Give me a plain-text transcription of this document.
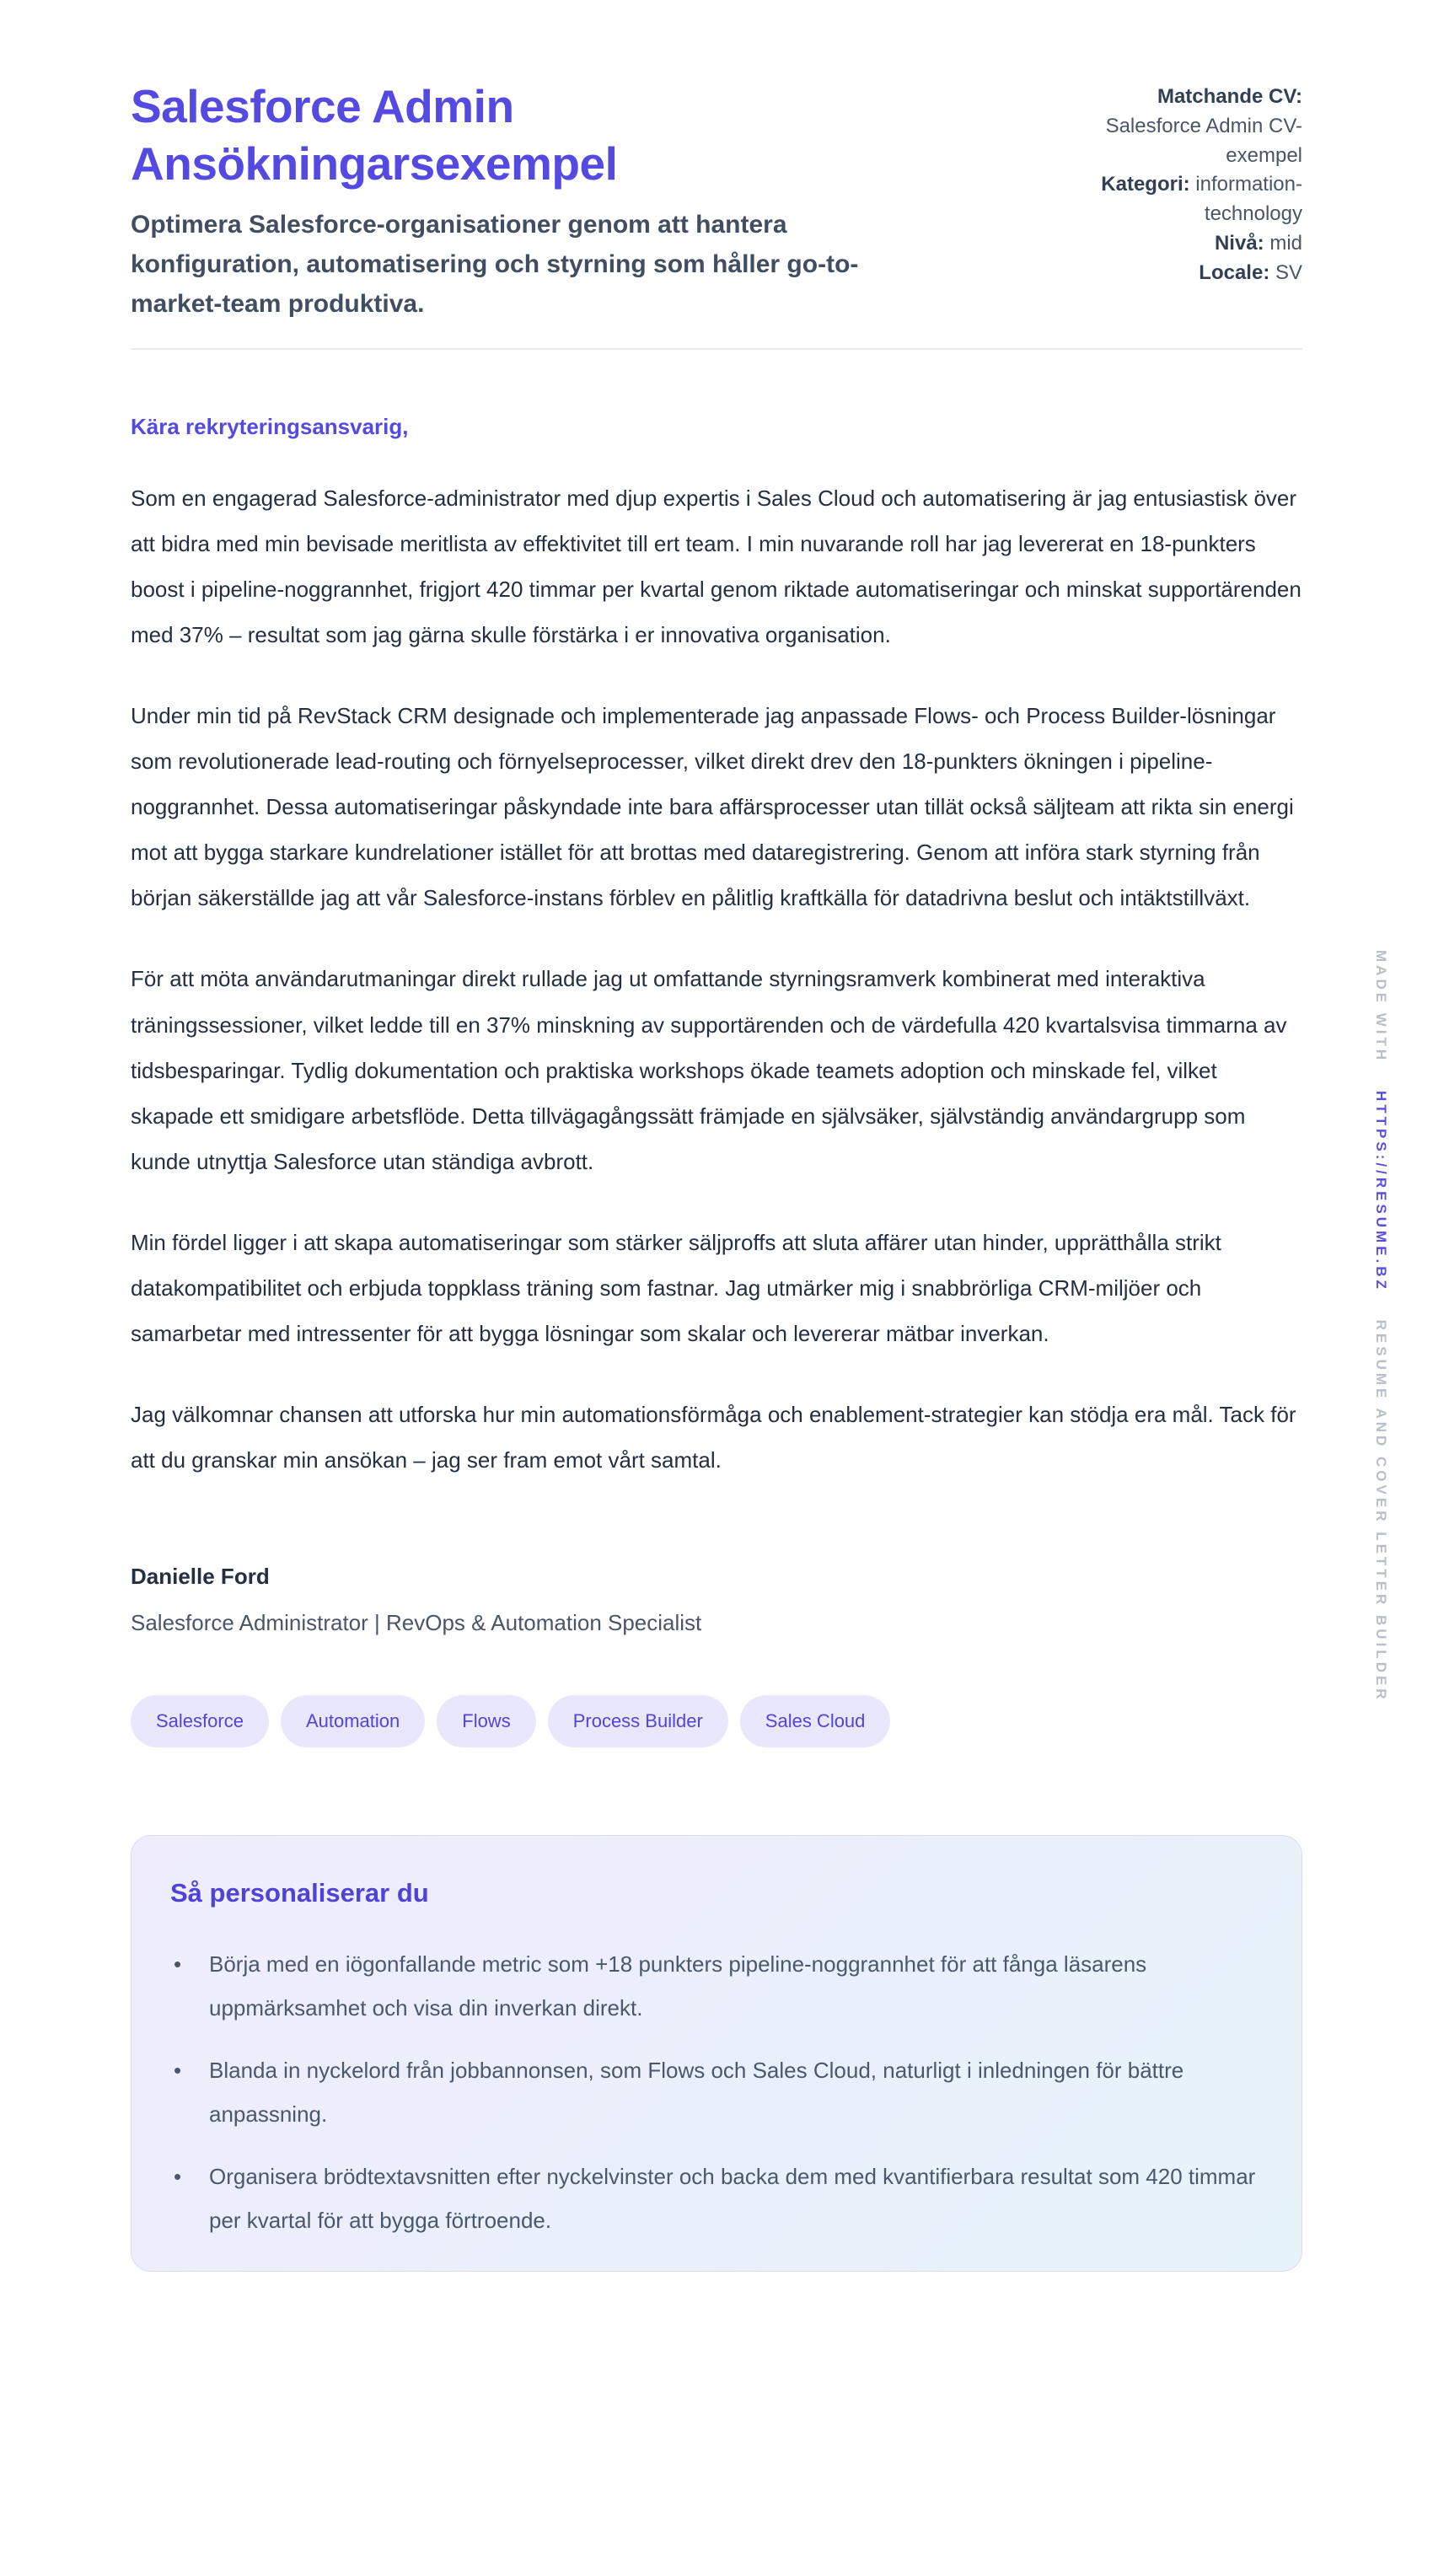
Salesforce Admin Ansökningarsexempel

Optimera Salesforce-organisationer genom att hantera konfiguration, automatisering och styrning som håller go-to-market-team produktiva.

Matchande CV: Salesforce Admin CV-exempel
Kategori: information-technology
Nivå: mid
Locale: SV

Kära rekryteringsansvarig,

Som en engagerad Salesforce-administrator med djup expertis i Sales Cloud och automatisering är jag entusiastisk över att bidra med min bevisade meritlista av effektivitet till ert team. I min nuvarande roll har jag levererat en 18-punkters boost i pipeline-noggrannhet, frigjort 420 timmar per kvartal genom riktade automatiseringar och minskat supportärenden med 37% – resultat som jag gärna skulle förstärka i er innovativa organisation.

Under min tid på RevStack CRM designade och implementerade jag anpassade Flows- och Process Builder-lösningar som revolutionerade lead-routing och förnyelseprocesser, vilket direkt drev den 18-punkters ökningen i pipeline-noggrannhet. Dessa automatiseringar påskyndade inte bara affärsprocesser utan tillät också säljteam att rikta sin energi mot att bygga starkare kundrelationer istället för att brottas med dataregistrering. Genom att införa stark styrning från början säkerställde jag att vår Salesforce-instans förblev en pålitlig kraftkälla för datadrivna beslut och intäktstillväxt.

För att möta användarutmaningar direkt rullade jag ut omfattande styrningsramverk kombinerat med interaktiva träningssessioner, vilket ledde till en 37% minskning av supportärenden och de värdefulla 420 kvartalsvisa timmarna av tidsbesparingar. Tydlig dokumentation och praktiska workshops ökade teamets adoption och minskade fel, vilket skapade ett smidigare arbetsflöde. Detta tillvägagångssätt främjade en självsäker, självständig användargrupp som kunde utnyttja Salesforce utan ständiga avbrott.

Min fördel ligger i att skapa automatiseringar som stärker säljproffs att sluta affärer utan hinder, upprätthålla strikt datakompatibilitet och erbjuda toppklass träning som fastnar. Jag utmärker mig i snabbrörliga CRM-miljöer och samarbetar med intressenter för att bygga lösningar som skalar och levererar mätbar inverkan.

Jag välkomnar chansen att utforska hur min automationsförmåga och enablement-strategier kan stödja era mål. Tack för att du granskar min ansökan – jag ser fram emot vårt samtal.

Danielle Ford

Salesforce Administrator | RevOps & Automation Specialist

Salesforce	Automation	Flows	Process Builder	Sales Cloud
Så personaliserar du
• Börja med en iögonfallande metric som +18 punkters pipeline-noggrannhet för att fånga läsarens uppmärksamhet och visa din inverkan direkt.
• Blanda in nyckelord från jobbannonsen, som Flows och Sales Cloud, naturligt i inledningen för bättre anpassning.
• Organisera brödtextavsnitten efter nyckelvinster och backa dem med kvantifierbara resultat som 420 timmar per kvartal för att bygga förtroende.
MADE WITH HTTPS://RESUME.BZ RESUME AND COVER LETTER BUILDER
